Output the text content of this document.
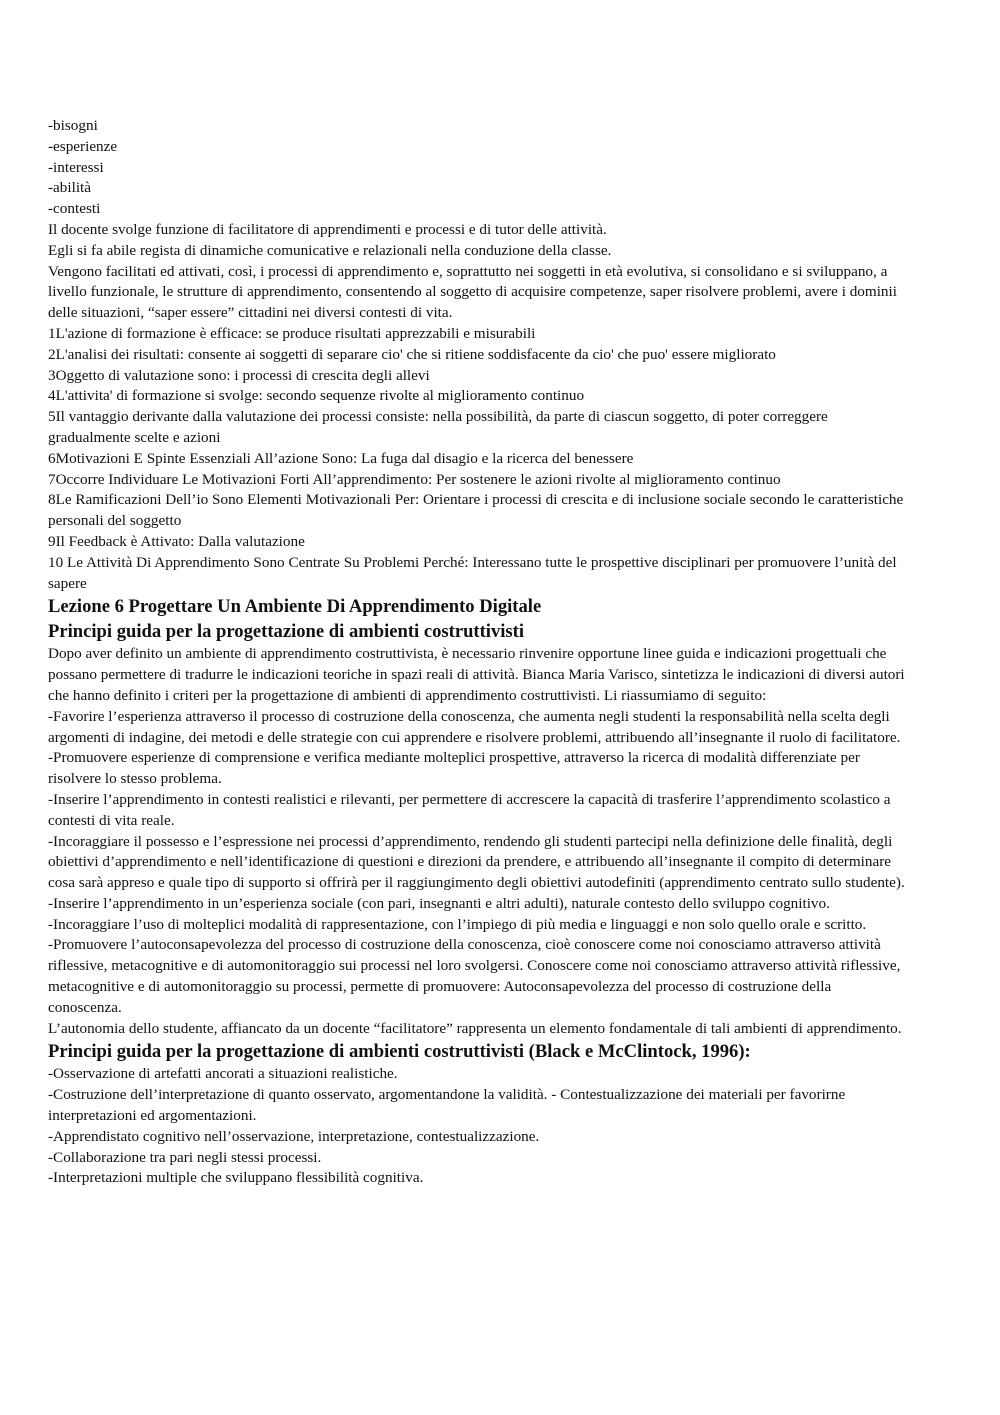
-bisogni

-esperienze

-interessi

-abilità

-contesti

Il docente svolge funzione di facilitatore di apprendimenti e processi e di tutor delle attività.

Egli si fa abile regista di dinamiche comunicative e relazionali nella conduzione della classe.

Vengono facilitati ed attivati, così, i processi di apprendimento e, soprattutto nei soggetti in età evolutiva, si consolidano e si sviluppano, a livello funzionale, le strutture di apprendimento, consentendo al soggetto di acquisire competenze, saper risolvere problemi, avere i dominii delle situazioni, “saper essere” cittadini nei diversi contesti di vita.

1L'azione di formazione è efficace: se produce risultati apprezzabili e misurabili

2L'analisi dei risultati: consente ai soggetti di separare cio' che si ritiene soddisfacente da cio' che puo' essere migliorato

3Oggetto di valutazione sono: i processi di crescita degli allevi

4L'attivita' di formazione si svolge: secondo sequenze rivolte al miglioramento continuo

5Il vantaggio derivante dalla valutazione dei processi consiste: nella possibilità, da parte di ciascun soggetto, di poter correggere gradualmente scelte e azioni

6Motivazioni E Spinte Essenziali All’azione Sono: La fuga dal disagio e la ricerca del benessere

7Occorre Individuare Le Motivazioni Forti All’apprendimento: Per sostenere le azioni rivolte al miglioramento continuo

8Le Ramificazioni Dell’io Sono Elementi Motivazionali Per: Orientare i processi di crescita e di inclusione sociale secondo le caratteristiche personali del soggetto

9Il Feedback è Attivato: Dalla valutazione

10 Le Attività Di Apprendimento Sono Centrate Su Problemi Perché: Interessano tutte le prospettive disciplinari per promuovere l’unità del sapere

Lezione 6 Progettare Un Ambiente Di Apprendimento Digitale
Principi guida per la progettazione di ambienti costruttivisti

Dopo aver definito un ambiente di apprendimento costruttivista, è necessario rinvenire opportune linee guida e indicazioni progettuali che possano permettere di tradurre le indicazioni teoriche in spazi reali di attività. Bianca Maria Varisco, sintetizza le indicazioni di diversi autori che hanno definito i criteri per la progettazione di ambienti di apprendimento costruttivisti. Li riassumiamo di seguito:

-Favorire l’esperienza attraverso il processo di costruzione della conoscenza, che aumenta negli studenti la responsabilità nella scelta degli argomenti di indagine, dei metodi e delle strategie con cui apprendere e risolvere problemi, attribuendo all’insegnante il ruolo di facilitatore.

-Promuovere esperienze di comprensione e verifica mediante molteplici prospettive, attraverso la ricerca di modalità differenziate per risolvere lo stesso problema.

-Inserire l’apprendimento in contesti realistici e rilevanti, per permettere di accrescere la capacità di trasferire l’apprendimento scolastico a contesti di vita reale.

-Incoraggiare il possesso e l’espressione nei processi d’apprendimento, rendendo gli studenti partecipi nella definizione delle finalità, degli obiettivi d’apprendimento e nell’identificazione di questioni e direzioni da prendere, e attribuendo all’insegnante il compito di determinare cosa sarà appreso e quale tipo di supporto si offrirà per il raggiungimento degli obiettivi autodefiniti (apprendimento centrato sullo studente).

-Inserire l’apprendimento in un’esperienza sociale (con pari, insegnanti e altri adulti), naturale contesto dello sviluppo cognitivo.

-Incoraggiare l’uso di molteplici modalità di rappresentazione, con l’impiego di più media e linguaggi e non solo quello orale e scritto.

-Promuovere l’autoconsapevolezza del processo di costruzione della conoscenza, cioè conoscere come noi conosciamo attraverso attività riflessive, metacognitive e di automonitoraggio sui processi nel loro svolgersi. Conoscere come noi conosciamo attraverso attività riflessive, metacognitive e di automonitoraggio su processi, permette di promuovere: Autoconsapevolezza del processo di costruzione della conoscenza.

L’autonomia dello studente, affiancato da un docente “facilitatore” rappresenta un elemento fondamentale di tali ambienti di apprendimento.

Principi guida per la progettazione di ambienti costruttivisti (Black e McClintock, 1996):

-Osservazione di artefatti ancorati a situazioni realistiche.

-Costruzione dell’interpretazione di quanto osservato, argomentandone la validità. - Contestualizzazione dei materiali per favorirne interpretazioni ed argomentazioni.

-Apprendistato cognitivo nell’osservazione, interpretazione, contestualizzazione.

-Collaborazione tra pari negli stessi processi.

-Interpretazioni multiple che sviluppano flessibilità cognitiva.
